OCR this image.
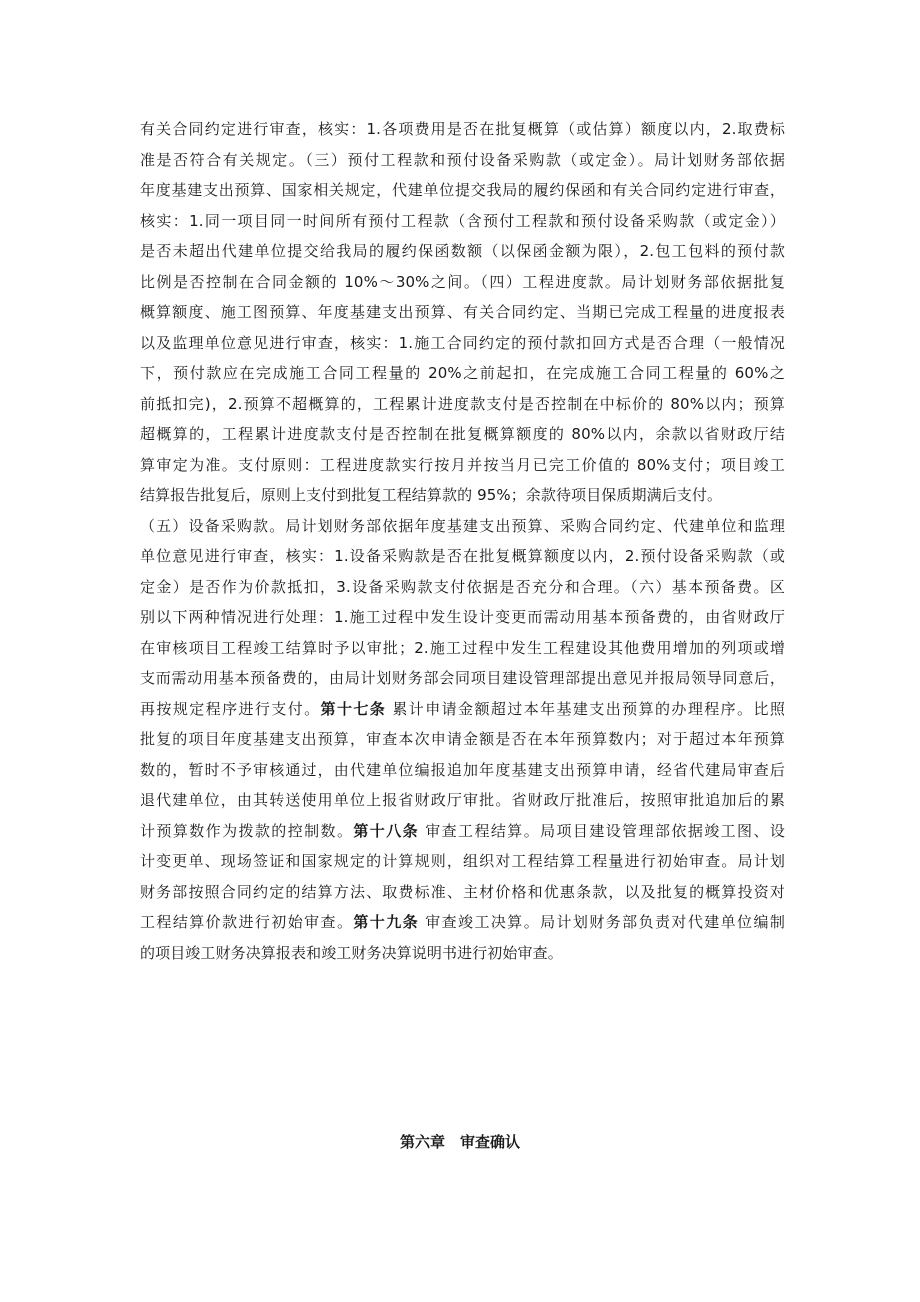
有关合同约定进行审查，核实：1.各项费用是否在批复概算（或估算）额度以内，2.取费标
准是否符合有关规定。（三）预付工程款和预付设备采购款（或定金）。局计划财务部依据
年度基建支出预算、国家相关规定，代建单位提交我局的履约保函和有关合同约定进行审查，
核实：1.同一项目同一时间所有预付工程款（含预付工程款和预付设备采购款（或定金））
是否未超出代建单位提交给我局的履约保函数额（以保函金额为限），2.包工包料的预付款
比例是否控制在合同金额的 10%～30%之间。（四）工程进度款。局计划财务部依据批复
概算额度、施工图预算、年度基建支出预算、有关合同约定、当期已完成工程量的进度报表
以及监理单位意见进行审查，核实：1.施工合同约定的预付款扣回方式是否合理（一般情况
下，预付款应在完成施工合同工程量的 20%之前起扣，在完成施工合同工程量的 60%之
前抵扣完)，2.预算不超概算的，工程累计进度款支付是否控制在中标价的 80%以内；预算
超概算的，工程累计进度款支付是否控制在批复概算额度的 80%以内，余款以省财政厅结
算审定为准。支付原则：工程进度款实行按月并按当月已完工价值的 80%支付；项目竣工
结算报告批复后，原则上支付到批复工程结算款的 95%；余款待项目保质期满后支付。
（五）设备采购款。局计划财务部依据年度基建支出预算、采购合同约定、代建单位和监理
单位意见进行审查，核实：1.设备采购款是否在批复概算额度以内，2.预付设备采购款（或
定金）是否作为价款抵扣，3.设备采购款支付依据是否充分和合理。（六）基本预备费。区
别以下两种情况进行处理：1.施工过程中发生设计变更而需动用基本预备费的，由省财政厅
在审核项目工程竣工结算时予以审批；2.施工过程中发生工程建设其他费用增加的列项或增
支而需动用基本预备费的，由局计划财务部会同项目建设管理部提出意见并报局领导同意后，
再按规定程序进行支付。第十七条 累计申请金额超过本年基建支出预算的办理程序。比照
批复的项目年度基建支出预算，审查本次申请金额是否在本年预算数内；对于超过本年预算
数的，暂时不予审核通过，由代建单位编报追加年度基建支出预算申请，经省代建局审查后
退代建单位，由其转送使用单位上报省财政厅审批。省财政厅批准后，按照审批追加后的累
计预算数作为拨款的控制数。第十八条 审查工程结算。局项目建设管理部依据竣工图、设
计变更单、现场签证和国家规定的计算规则，组织对工程结算工程量进行初始审查。局计划
财务部按照合同约定的结算方法、取费标准、主材价格和优惠条款，以及批复的概算投资对
工程结算价款进行初始审查。第十九条 审查竣工决算。局计划财务部负责对代建单位编制
的项目竣工财务决算报表和竣工财务决算说明书进行初始审查。
第六章　审查确认
